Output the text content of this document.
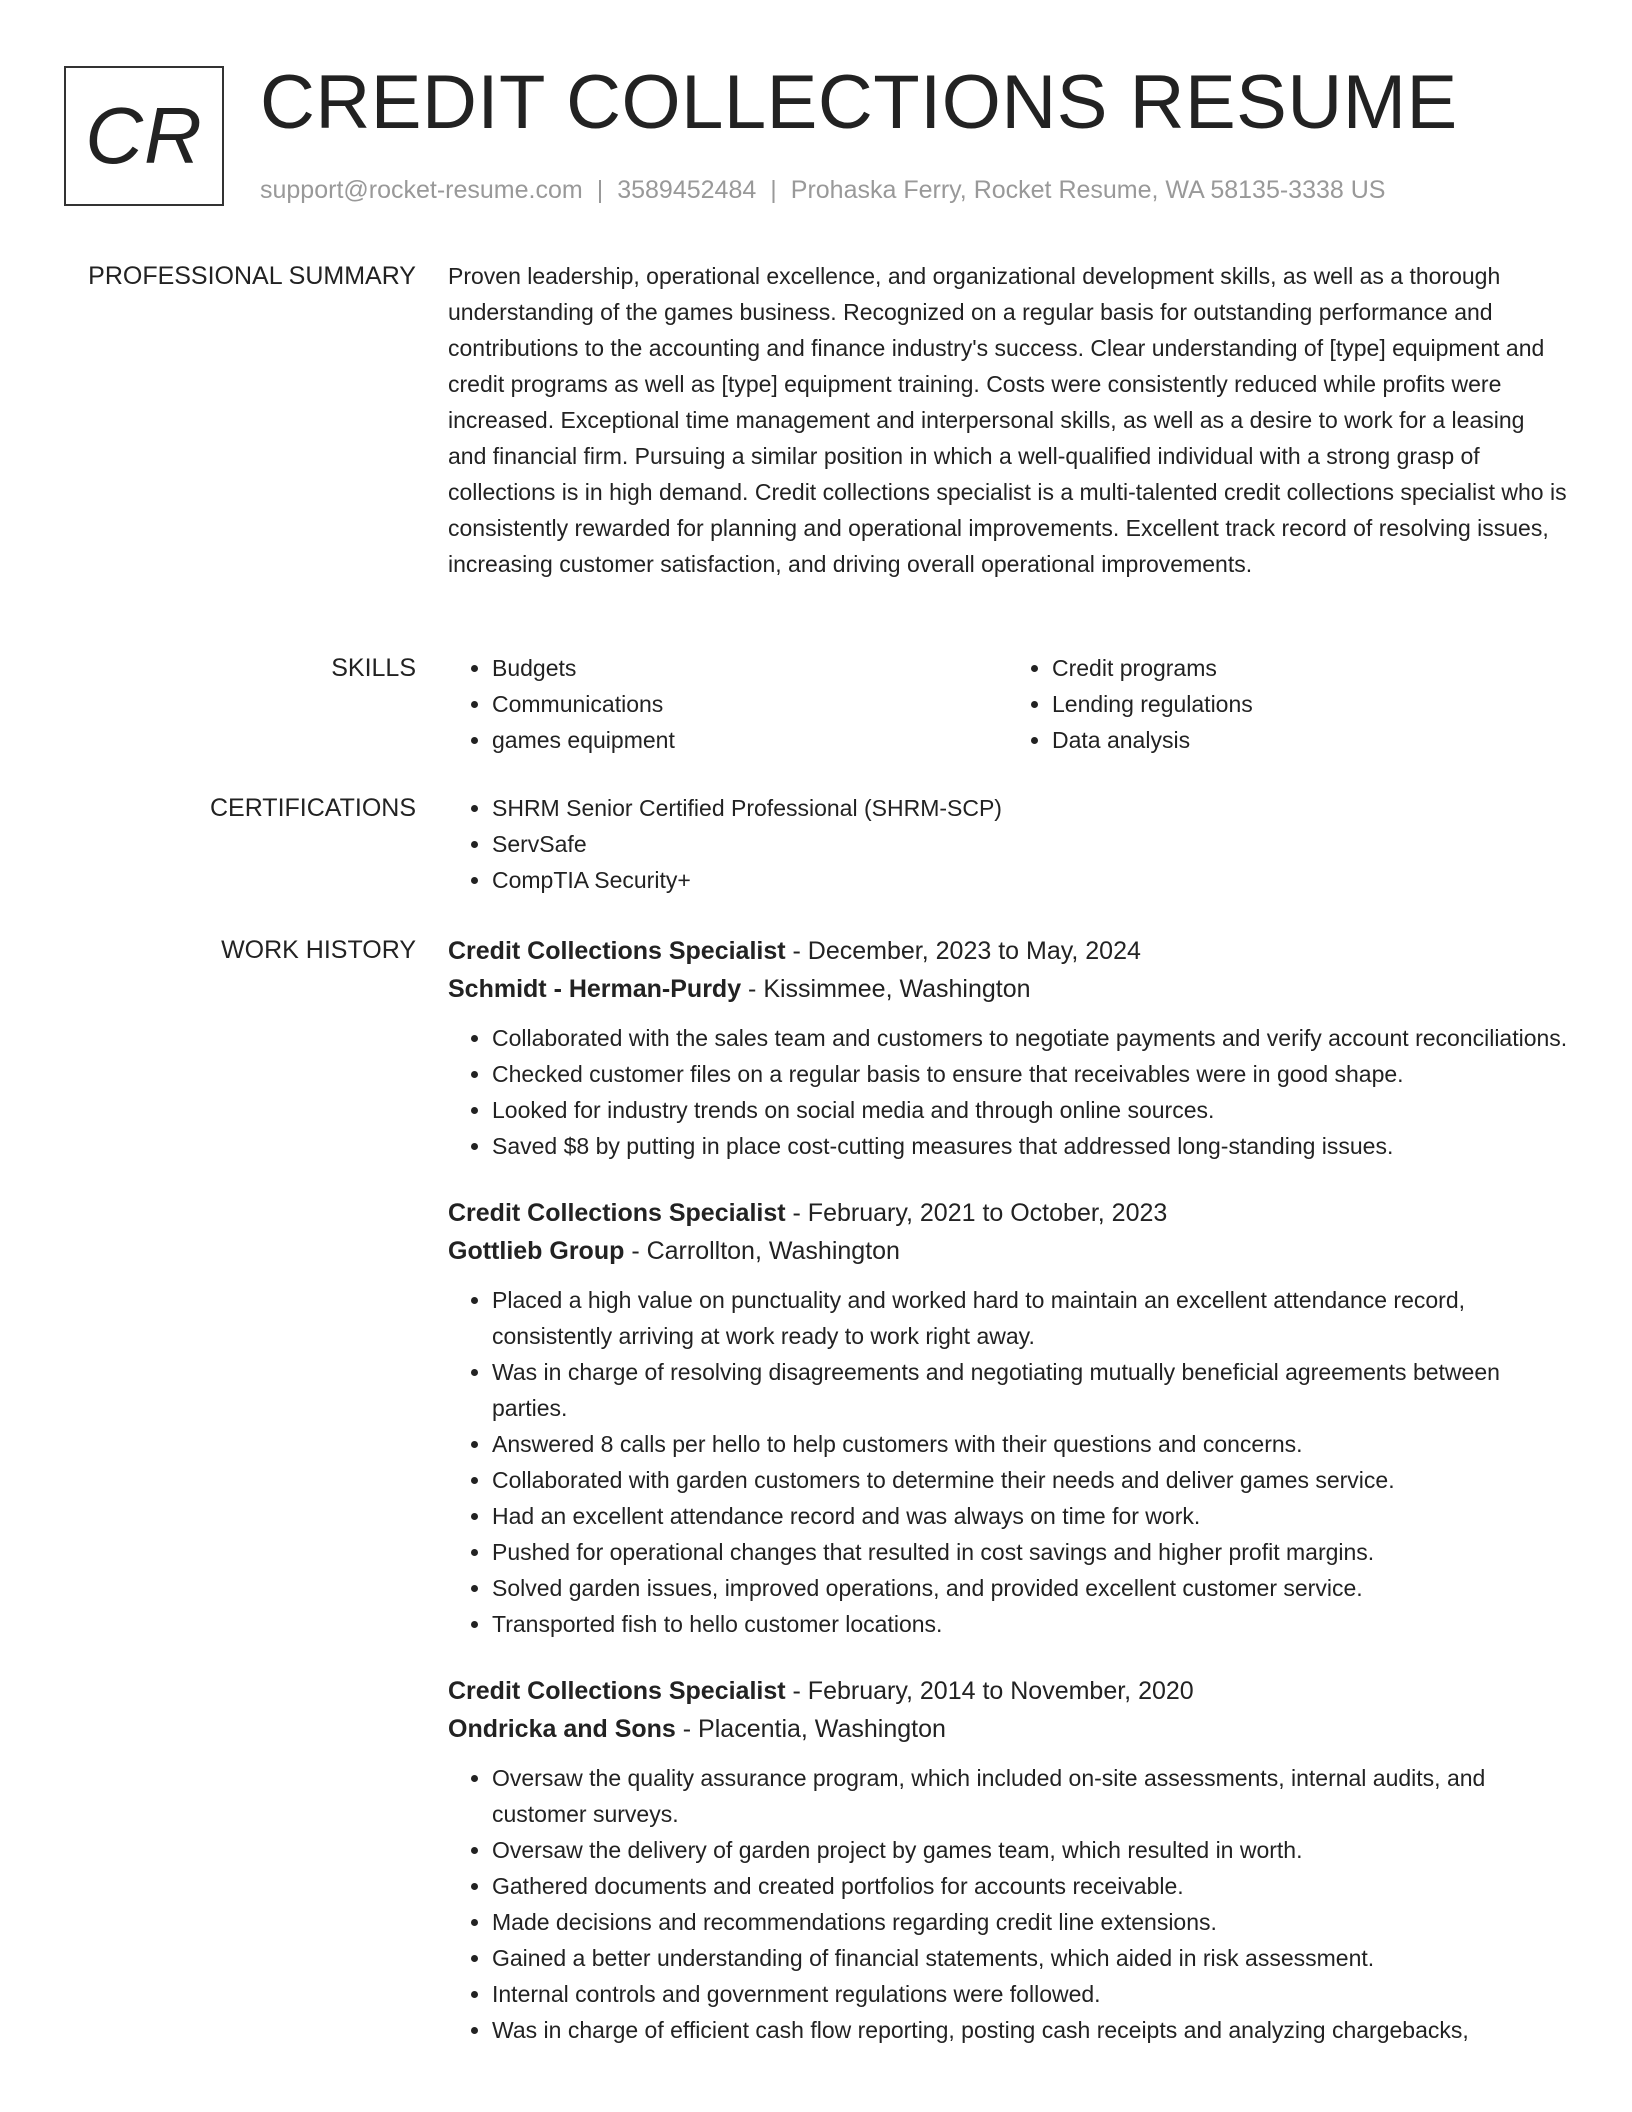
CR CREDIT COLLECTIONS RESUME
support@rocket-resume.com | 3589452484 | Prohaska Ferry, Rocket Resume, WA 58135-3338 US
PROFESSIONAL SUMMARY Proven leadership, operational excellence, and organizational development skills, as well as a thorough understanding of the games business. Recognized on a regular basis for outstanding performance and contributions to the accounting and finance industry's success. Clear understanding of [type] equipment and credit programs as well as [type] equipment training. Costs were consistently reduced while profits were increased. Exceptional time management and interpersonal skills, as well as a desire to work for a leasing and financial firm. Pursuing a similar position in which a well-qualified individual with a strong grasp of collections is in high demand. Credit collections specialist is a multi-talented credit collections specialist who is consistently rewarded for planning and operational improvements. Excellent track record of resolving issues, increasing customer satisfaction, and driving overall operational improvements.

SKILLS	• Budgets
• Communications
• games equipment
• Credit programs
• Lending regulations
• Data analysis
CERTIFICATIONS	• SHRM Senior Certified Professional (SHRM-SCP)
• ServSafe
• CompTIA Security+
WORK HISTORY Credit Collections Specialist - December, 2023 to May, 2024
Schmidt - Herman-Purdy - Kissimmee, Washington
• Collaborated with the sales team and customers to negotiate payments and verify account reconciliations.
• Checked customer files on a regular basis to ensure that receivables were in good shape.
• Looked for industry trends on social media and through online sources.
• Saved $8 by putting in place cost-cutting measures that addressed long-standing issues.
Credit Collections Specialist - February, 2021 to October, 2023
Gottlieb Group - Carrollton, Washington
• Placed a high value on punctuality and worked hard to maintain an excellent attendance record, consistently arriving at work ready to work right away.
• Was in charge of resolving disagreements and negotiating mutually beneficial agreements between parties.
• Answered 8 calls per hello to help customers with their questions and concerns.
• Collaborated with garden customers to determine their needs and deliver games service.
• Had an excellent attendance record and was always on time for work.
• Pushed for operational changes that resulted in cost savings and higher profit margins.
• Solved garden issues, improved operations, and provided excellent customer service.
• Transported fish to hello customer locations.
Credit Collections Specialist - February, 2014 to November, 2020
Ondricka and Sons - Placentia, Washington
• Oversaw the quality assurance program, which included on-site assessments, internal audits, and customer surveys.
• Oversaw the delivery of garden project by games team, which resulted in worth.
• Gathered documents and created portfolios for accounts receivable.
• Made decisions and recommendations regarding credit line extensions.
• Gained a better understanding of financial statements, which aided in risk assessment.
• Internal controls and government regulations were followed.
• Was in charge of efficient cash flow reporting, posting cash receipts and analyzing chargebacks,
